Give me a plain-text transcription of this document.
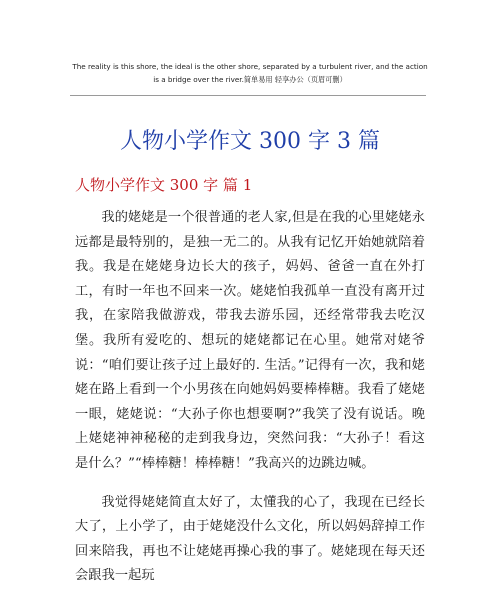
The reality is this shore, the ideal is the other shore, separated by a turbulent river, and the action is a bridge over the river.简单易用 轻享办公（页眉可删）
人物小学作文 300 字 3 篇
人物小学作文 300 字 篇 1

我的姥姥是一个很普通的老人家,但是在我的心里姥姥永远都是最特别的，是独一无二的。从我有记忆开始她就陪着我。我是在姥姥身边长大的孩子，妈妈、爸爸一直在外打工，有时一年也不回来一次。姥姥怕我孤单一直没有离开过我，在家陪我做游戏，带我去游乐园，还经常带我去吃汉堡。我所有爱吃的、想玩的姥姥都记在心里。她常对姥爷说：“咱们要让孩子过上最好的. 生活。”记得有一次，我和姥姥在路上看到一个小男孩在向她妈妈要棒棒糖。我看了姥姥一眼，姥姥说：“大孙子你也想要啊?”我笑了没有说话。晚上姥姥神神秘秘的走到我身边，突然问我：“大孙子！看这是什么？”“棒棒糖！棒棒糖！”我高兴的边跳边喊。

我觉得姥姥简直太好了，太懂我的心了，我现在已经长大了，上小学了，由于姥姥没什么文化，所以妈妈辞掉工作回来陪我，再也不让姥姥再操心我的事了。姥姥现在每天还会跟我一起玩
